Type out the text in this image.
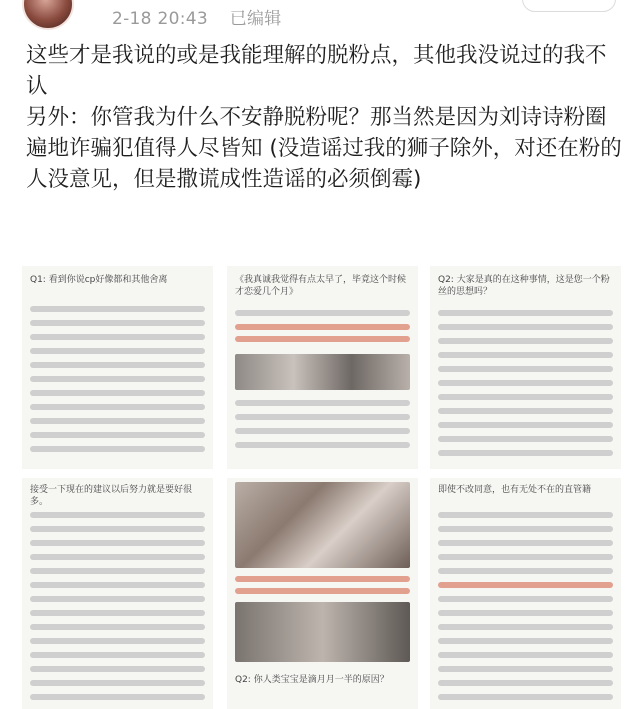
2-18 20:43 已编辑

这些才是我说的或是我能理解的脱粉点，其他我没说过的我不认

另外：你管我为什么不安静脱粉呢？那当然是因为刘诗诗粉圈遍地诈骗犯值得人尽皆知 (没造谣过我的狮子除外，对还在粉的人没意见，但是撒谎成性造谣的必须倒霉)

Q1: 看到你说cp好像都和其他舍离	《我真诚我觉得有点太早了，毕竟这个时候才恋爱几个月》
Q2: 大家是真的在这种事情，这是您一个粉丝的思想吗？
接受一下现在的建议以后努力就是要好很多。
Q2: 你人类宝宝是滴月月一半的原因？
即使不改同意，也有无处不在的直管籍
